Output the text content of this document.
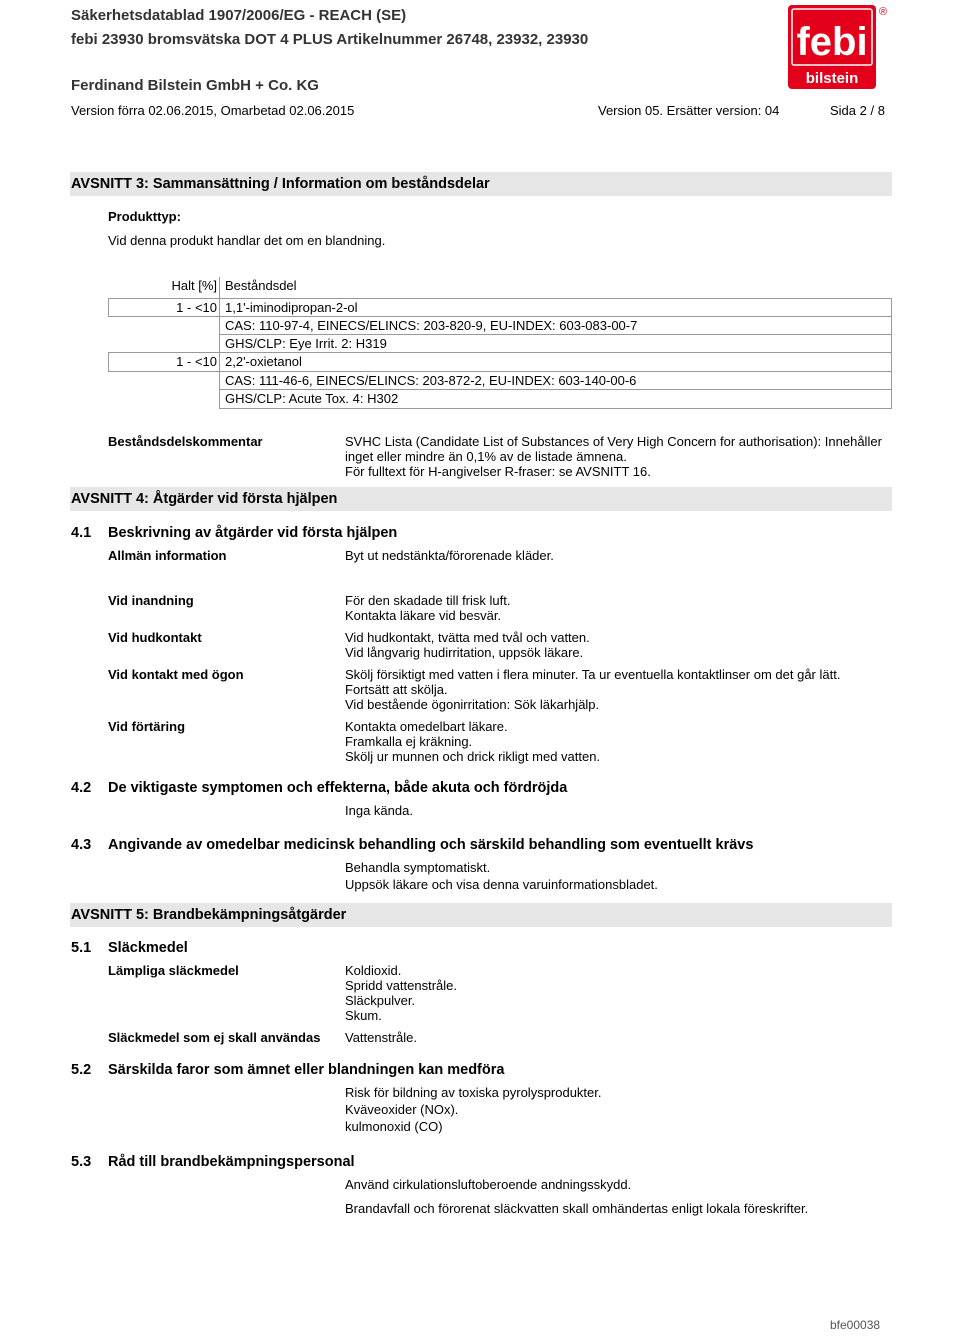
Säkerhetsdatablad 1907/2006/EG - REACH (SE)
febi 23930 bromsvätska DOT 4 PLUS Artikelnummer 26748, 23932, 23930
Ferdinand Bilstein GmbH + Co. KG
Version förra 02.06.2015, Omarbetad 02.06.2015	Version 05. Ersätter version: 04	Sida 2 / 8
febi
bilstein
®
AVSNITT 3: Sammansättning / Information om beståndsdelar
Produkttyp:
Vid denna produkt handlar det om en blandning.
Halt [%] Beståndsdel
1 - <10 1,1'-iminodipropan-2-ol
CAS: 110-97-4, EINECS/ELINCS: 203-820-9, EU-INDEX: 603-083-00-7
GHS/CLP: Eye Irrit. 2: H319
1 - <10 2,2'-oxietanol
CAS: 111-46-6, EINECS/ELINCS: 203-872-2, EU-INDEX: 603-140-00-6
GHS/CLP: Acute Tox. 4: H302
Beståndsdelskommentar	SVHC Lista (Candidate List of Substances of Very High Concern for authorisation): Innehåller
inget eller mindre än 0,1% av de listade ämnena.
För fulltext för H-angivelser R-fraser: se AVSNITT 16.
AVSNITT 4: Åtgärder vid första hjälpen
4.1 Beskrivning av åtgärder vid första hjälpen
Allmän information	Byt ut nedstänkta/förorenade kläder.
Vid inandning	För den skadade till frisk luft.
Kontakta läkare vid besvär.
Vid hudkontakt	Vid hudkontakt, tvätta med tvål och vatten.
Vid långvarig hudirritation, uppsök läkare.
Vid kontakt med ögon	Skölj försiktigt med vatten i flera minuter. Ta ur eventuella kontaktlinser om det går lätt.
Fortsätt att skölja.
Vid bestående ögonirritation: Sök läkarhjälp.
Vid förtäring	Kontakta omedelbart läkare.
Framkalla ej kräkning.
Skölj ur munnen och drick rikligt med vatten.
4.2 De viktigaste symptomen och effekterna, både akuta och fördröjda
Inga kända.
4.3 Angivande av omedelbar medicinsk behandling och särskild behandling som eventuellt krävs
Behandla symptomatiskt.
Uppsök läkare och visa denna varuinformationsbladet.
AVSNITT 5: Brandbekämpningsåtgärder
5.1 Släckmedel
Lämpliga släckmedel	Koldioxid.
Spridd vattenstråle.
Släckpulver.
Skum.
Släckmedel som ej skall användas Vattenstråle.
5.2 Särskilda faror som ämnet eller blandningen kan medföra
Risk för bildning av toxiska pyrolysprodukter.
Kväveoxider (NOx).
kulmonoxid (CO)
5.3 Råd till brandbekämpningspersonal
Använd cirkulationsluftoberoende andningsskydd.
Brandavfall och förorenat släckvatten skall omhändertas enligt lokala föreskrifter.
bfe00038
